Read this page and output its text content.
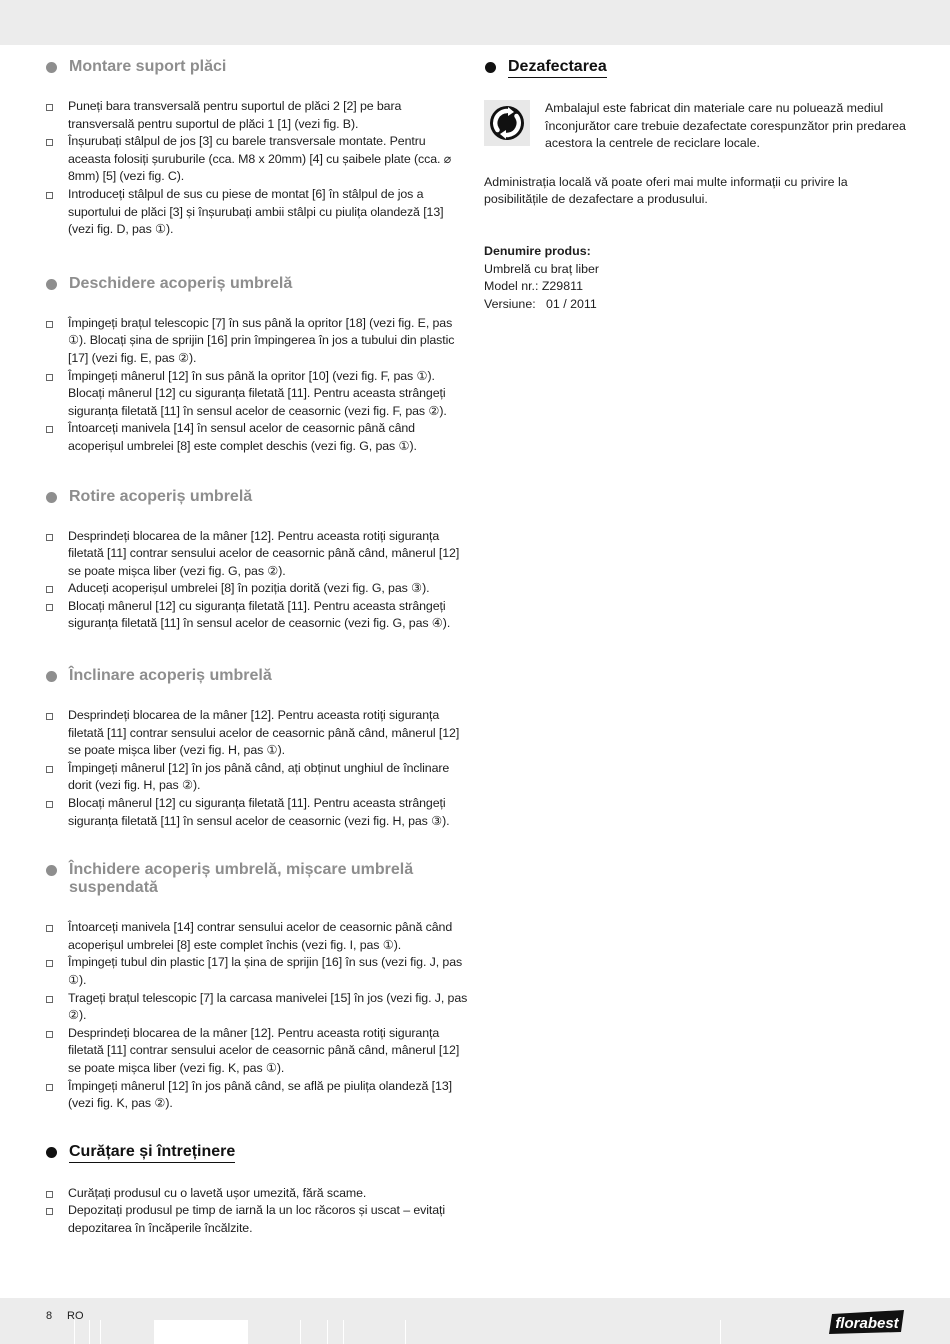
Montare suport plăci
Puneți bara transversală pentru suportul de plăci 2 [2] pe bara transversală pentru suportul de plăci 1 [1] (vezi fig. B).
Înșurubați stâlpul de jos [3] cu barele transversale montate. Pentru aceasta folosiți șuruburile (cca. M8 x 20mm) [4] cu șaibele plate (cca. ⌀ 8mm) [5] (vezi fig. C).
Introduceți stâlpul de sus cu piese de montat [6] în stâlpul de jos a suportului de plăci [3] și înșurubați ambii stâlpi cu piulița olandeză [13] (vezi fig. D, pas ①).
Deschidere acoperiș umbrelă
Împingeți brațul telescopic [7] în sus până la opritor [18] (vezi fig. E, pas ①). Blocați șina de sprijin [16] prin împingerea în jos a tubului din plastic [17] (vezi fig. E, pas ②).
Împingeți mânerul [12] în sus până la opritor [10] (vezi fig. F, pas ①). Blocați mânerul [12] cu siguranța filetată [11]. Pentru aceasta strângeți siguranța filetată [11] în sensul acelor de ceasornic (vezi fig. F, pas ②).
Întoarceți manivela [14] în sensul acelor de ceasornic până când acoperișul umbrelei [8] este complet deschis (vezi fig. G, pas ①).
Rotire acoperiș umbrelă
Desprindeți blocarea de la mâner [12]. Pentru aceasta rotiți siguranța filetată [11] contrar sensului acelor de ceasornic până când, mânerul [12] se poate mișca liber (vezi fig. G, pas ②).
Aduceți acoperișul umbrelei [8] în poziția dorită (vezi fig. G, pas ③).
Blocați mânerul [12] cu siguranța filetată [11]. Pentru aceasta strângeți siguranța filetată [11] în sensul acelor de ceasornic (vezi fig. G, pas ④).
Înclinare acoperiș umbrelă
Desprindeți blocarea de la mâner [12]. Pentru aceasta rotiți siguranța filetată [11] contrar sensului acelor de ceasornic până când, mânerul [12] se poate mișca liber (vezi fig. H, pas ①).
Împingeți mânerul [12] în jos până când, ați obținut unghiul de înclinare dorit (vezi fig. H, pas ②).
Blocați mânerul [12] cu siguranța filetată [11]. Pentru aceasta strângeți siguranța filetată [11] în sensul acelor de ceasornic (vezi fig. H, pas ③).
Închidere acoperiș umbrelă, mișcare umbrelă suspendată
Întoarceți manivela [14] contrar sensului acelor de ceasornic până când acoperișul umbrelei [8] este complet închis (vezi fig. I, pas ①).
Împingeți tubul din plastic [17] la șina de sprijin [16] în sus (vezi fig. J, pas ①).
Trageți brațul telescopic [7] la carcasa manivelei [15] în jos (vezi fig. J, pas ②).
Desprindeți blocarea de la mâner [12]. Pentru aceasta rotiți siguranța filetată [11] contrar sensului acelor de ceasornic până când, mânerul [12] se poate mișca liber (vezi fig. K, pas ①).
Împingeți mânerul [12] în jos până când, se află pe piulița olandeză [13] (vezi fig. K, pas ②).
Curățare și întreținere
Curățați produsul cu o lavetă ușor umezită, fără scame.
Depozitați produsul pe timp de iarnă la un loc răcoros și uscat – evitați depozitarea în încăperile încălzite.
Dezafectarea

Ambalajul este fabricat din materiale care nu poluează mediul înconjurător care trebuie dezafectate corespunzător prin predarea acestora la centrele de reciclare locale.

Administrația locală vă poate oferi mai multe informații cu privire la posibilitățile de dezafectare a produsului.

Denumire produs:

Umbrelă cu braț liber

Model nr.: Z29811

Versiune:   01 / 2011

8 RO	florabest
